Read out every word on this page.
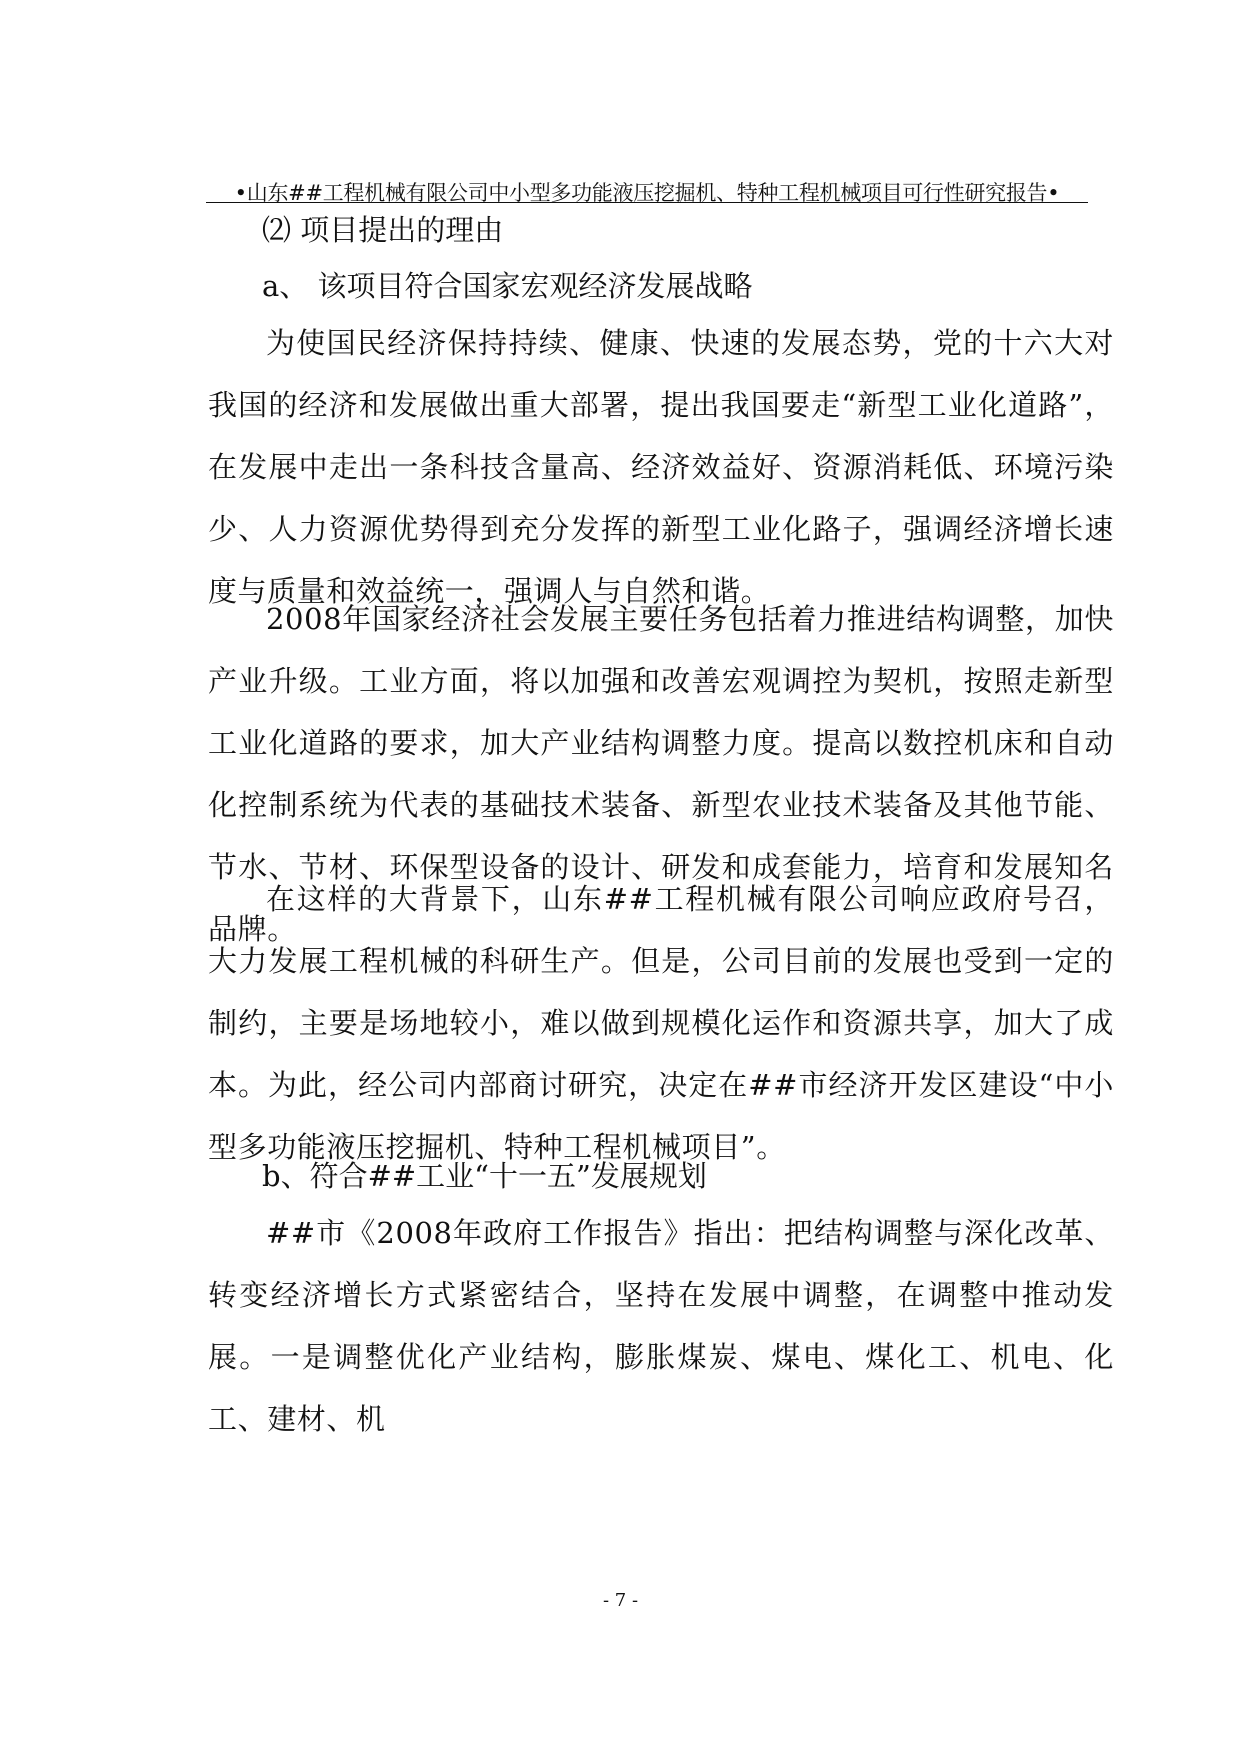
•山东##工程机械有限公司中小型多功能液压挖掘机、特种工程机械项目可行性研究报告•
⑵ 项目提出的理由
a、 该项目符合国家宏观经济发展战略
为使国民经济保持持续、健康、快速的发展态势，党的十六大对我国的经济和发展做出重大部署，提出我国要走“新型工业化道路”，在发展中走出一条科技含量高、经济效益好、资源消耗低、环境污染少、人力资源优势得到充分发挥的新型工业化路子，强调经济增长速度与质量和效益统一，强调人与自然和谐。
2008年国家经济社会发展主要任务包括着力推进结构调整，加快产业升级。工业方面，将以加强和改善宏观调控为契机，按照走新型工业化道路的要求，加大产业结构调整力度。提高以数控机床和自动化控制系统为代表的基础技术装备、新型农业技术装备及其他节能、节水、节材、环保型设备的设计、研发和成套能力，培育和发展知名品牌。
在这样的大背景下，山东##工程机械有限公司响应政府号召，大力发展工程机械的科研生产。但是，公司目前的发展也受到一定的制约，主要是场地较小，难以做到规模化运作和资源共享，加大了成本。为此，经公司内部商讨研究，决定在##市经济开发区建设“中小型多功能液压挖掘机、特种工程机械项目”。
b、符合##工业“十一五”发展规划
##市《2008年政府工作报告》指出：把结构调整与深化改革、转变经济增长方式紧密结合，坚持在发展中调整，在调整中推动发展。一是调整优化产业结构，膨胀煤炭、煤电、煤化工、机电、化工、建材、机
- 7 -
